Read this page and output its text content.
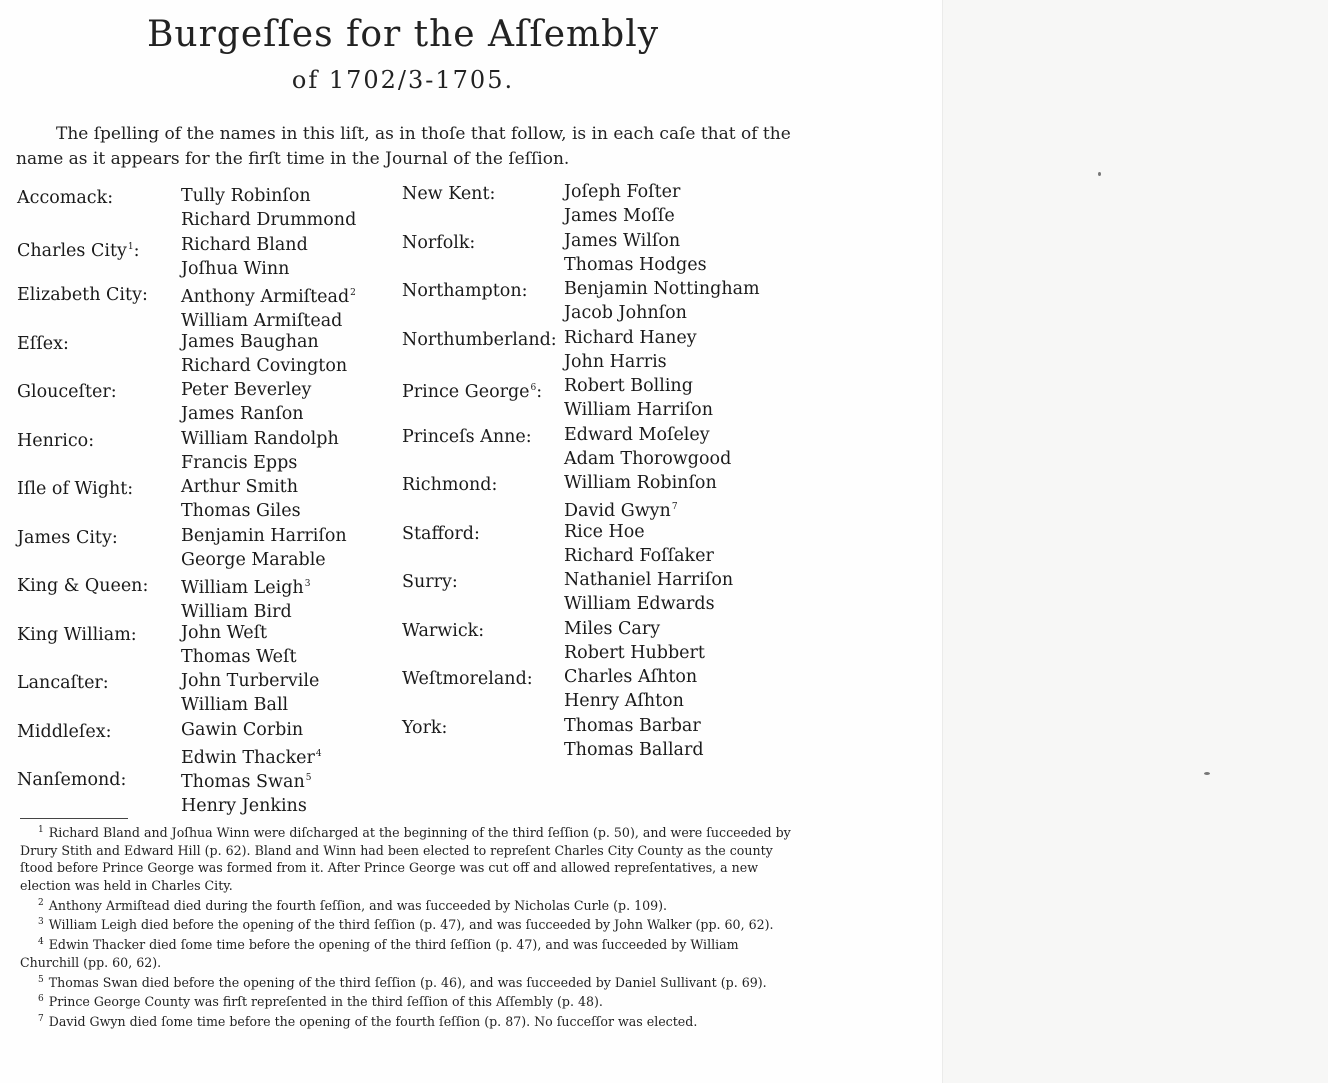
Burgeſſes for the Aſſembly
of 1702/3-1705.

The ſpelling of the names in this liſt, as in thoſe that follow, is in each caſe that of the name as it appears for the firſt time in the Journal of the ſeſſion.

Accomack:	Tully Robinſon
Richard Drummond
Charles City$^1$: Richard Bland
Joſhua Winn
Elizabeth City: Anthony Armiſtead$^2$
William Armiſtead
Eſſex:	James Baughan
Richard Covington
Glouceſter:	Peter Beverley
James Ranſon
Henrico:	William Randolph
Francis Epps
Iſle of Wight:	Arthur Smith
Thomas Giles
James City:	Benjamin Harriſon
George Marable
King & Queen: William Leigh$^3$
William Bird
King William:	John Weſt
Thomas Weſt
Lancaſter:	John Turbervile
William Ball
Middleſex:	Gawin Corbin
Edwin Thacker$^4$
Nanſemond:	Thomas Swan$^5$
Henry Jenkins
New Kent:	Joſeph Foſter
James Moſſe
Norfolk:	James Wilſon
Thomas Hodges
Northampton: Benjamin Nottingham
Jacob Johnſon
Northumberland: Richard Haney
John Harris
Prince George$^6$: Robert Bolling
William Harriſon
Princeſs Anne: Edward Moſeley
Adam Thorowgood
Richmond:	William Robinſon
David Gwyn$^7$
Stafford:	Rice Hoe
Richard Foſſaker
Surry:	Nathaniel Harriſon
William Edwards
Warwick:	Miles Cary
Robert Hubbert
Weſtmoreland: Charles Aſhton
Henry Aſhton
York:	Thomas Barbar
Thomas Ballard
$^1$ Richard Bland and Joſhua Winn were diſcharged at the beginning of the third ſeſſion (p. 50), and were ſucceeded by Drury Stith and Edward Hill (p. 62). Bland and Winn had been elected to repreſent Charles City County as the county ſtood before Prince George was formed from it. After Prince George was cut off and allowed repreſentatives, a new election was held in Charles City.
$^2$ Anthony Armiſtead died during the fourth ſeſſion, and was ſucceeded by Nicholas Curle (p. 109).
$^3$ William Leigh died before the opening of the third ſeſſion (p. 47), and was ſucceeded by John Walker (pp. 60, 62).
$^4$ Edwin Thacker died ſome time before the opening of the third ſeſſion (p. 47), and was ſucceeded by William Churchill (pp. 60, 62).
$^5$ Thomas Swan died before the opening of the third ſeſſion (p. 46), and was ſucceeded by Daniel Sullivant (p. 69).
$^6$ Prince George County was firſt repreſented in the third ſeſſion of this Aſſembly (p. 48).
$^7$ David Gwyn died ſome time before the opening of the fourth ſeſſion (p. 87). No ſucceſſor was elected.
